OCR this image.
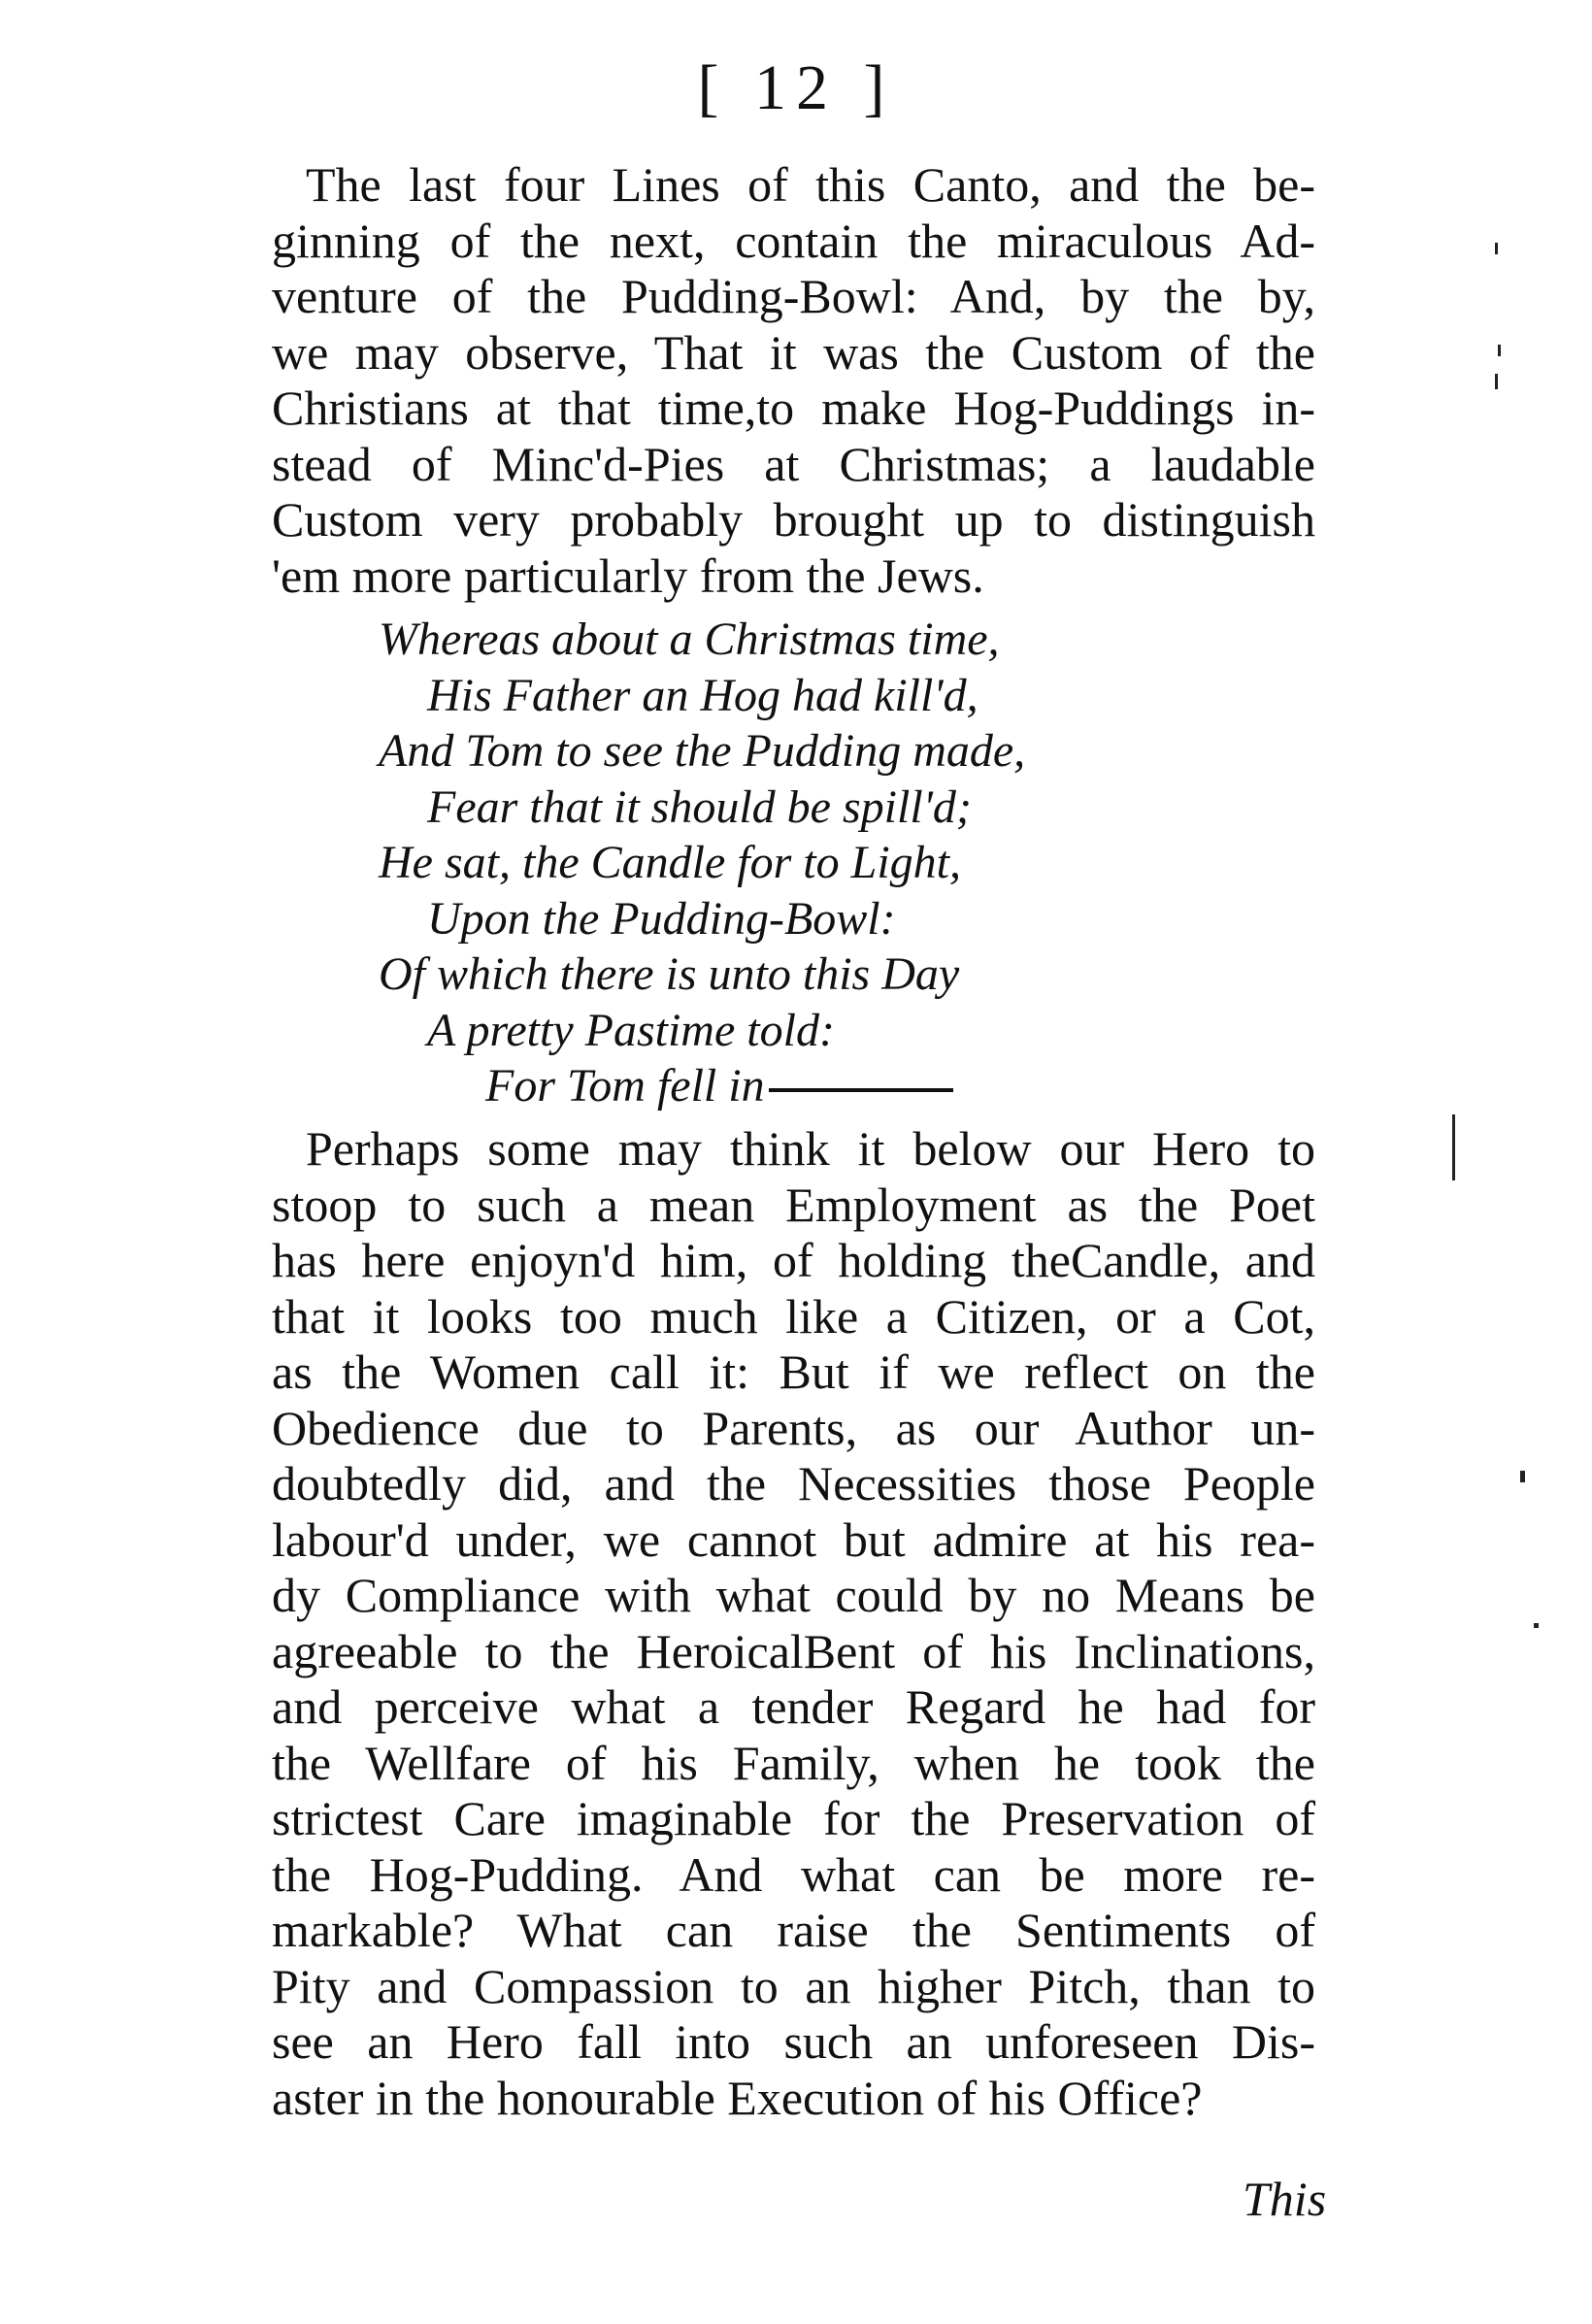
[ 12 ]
The last four Lines of this Canto, and the be-
ginning of the next, contain the miraculous Ad-
venture of the Pudding-Bowl: And, by the by,
we may observe, That it was the Custom of the
Christians at that time,to make Hog-Puddings in-
stead of Minc'd-Pies at Christmas; a laudable
Custom very probably brought up to distinguish
'em more particularly from the Jews.
Whereas about a Christmas time,
His Father an Hog had kill'd,
And Tom to see the Pudding made,
Fear that it should be spill'd;
He sat, the Candle for to Light,
Upon the Pudding-Bowl:
Of which there is unto this Day
A pretty Pastime told:
For Tom fell in
Perhaps some may think it below our Hero to
stoop to such a mean Employment as the Poet
has here enjoyn'd him, of holding theCandle, and
that it looks too much like a Citizen, or a Cot,
as the Women call it: But if we reflect on the
Obedience due to Parents, as our Author un-
doubtedly did, and the Necessities those People
labour'd under, we cannot but admire at his rea-
dy Compliance with what could by no Means be
agreeable to the HeroicalBent of his Inclinations,
and perceive what a tender Regard he had for
the Wellfare of his Family, when he took the
strictest Care imaginable for the Preservation of
the Hog-Pudding. And what can be more re-
markable? What can raise the Sentiments of
Pity and Compassion to an higher Pitch, than to
see an Hero fall into such an unforeseen Dis-
aster in the honourable Execution of his Office?
This
